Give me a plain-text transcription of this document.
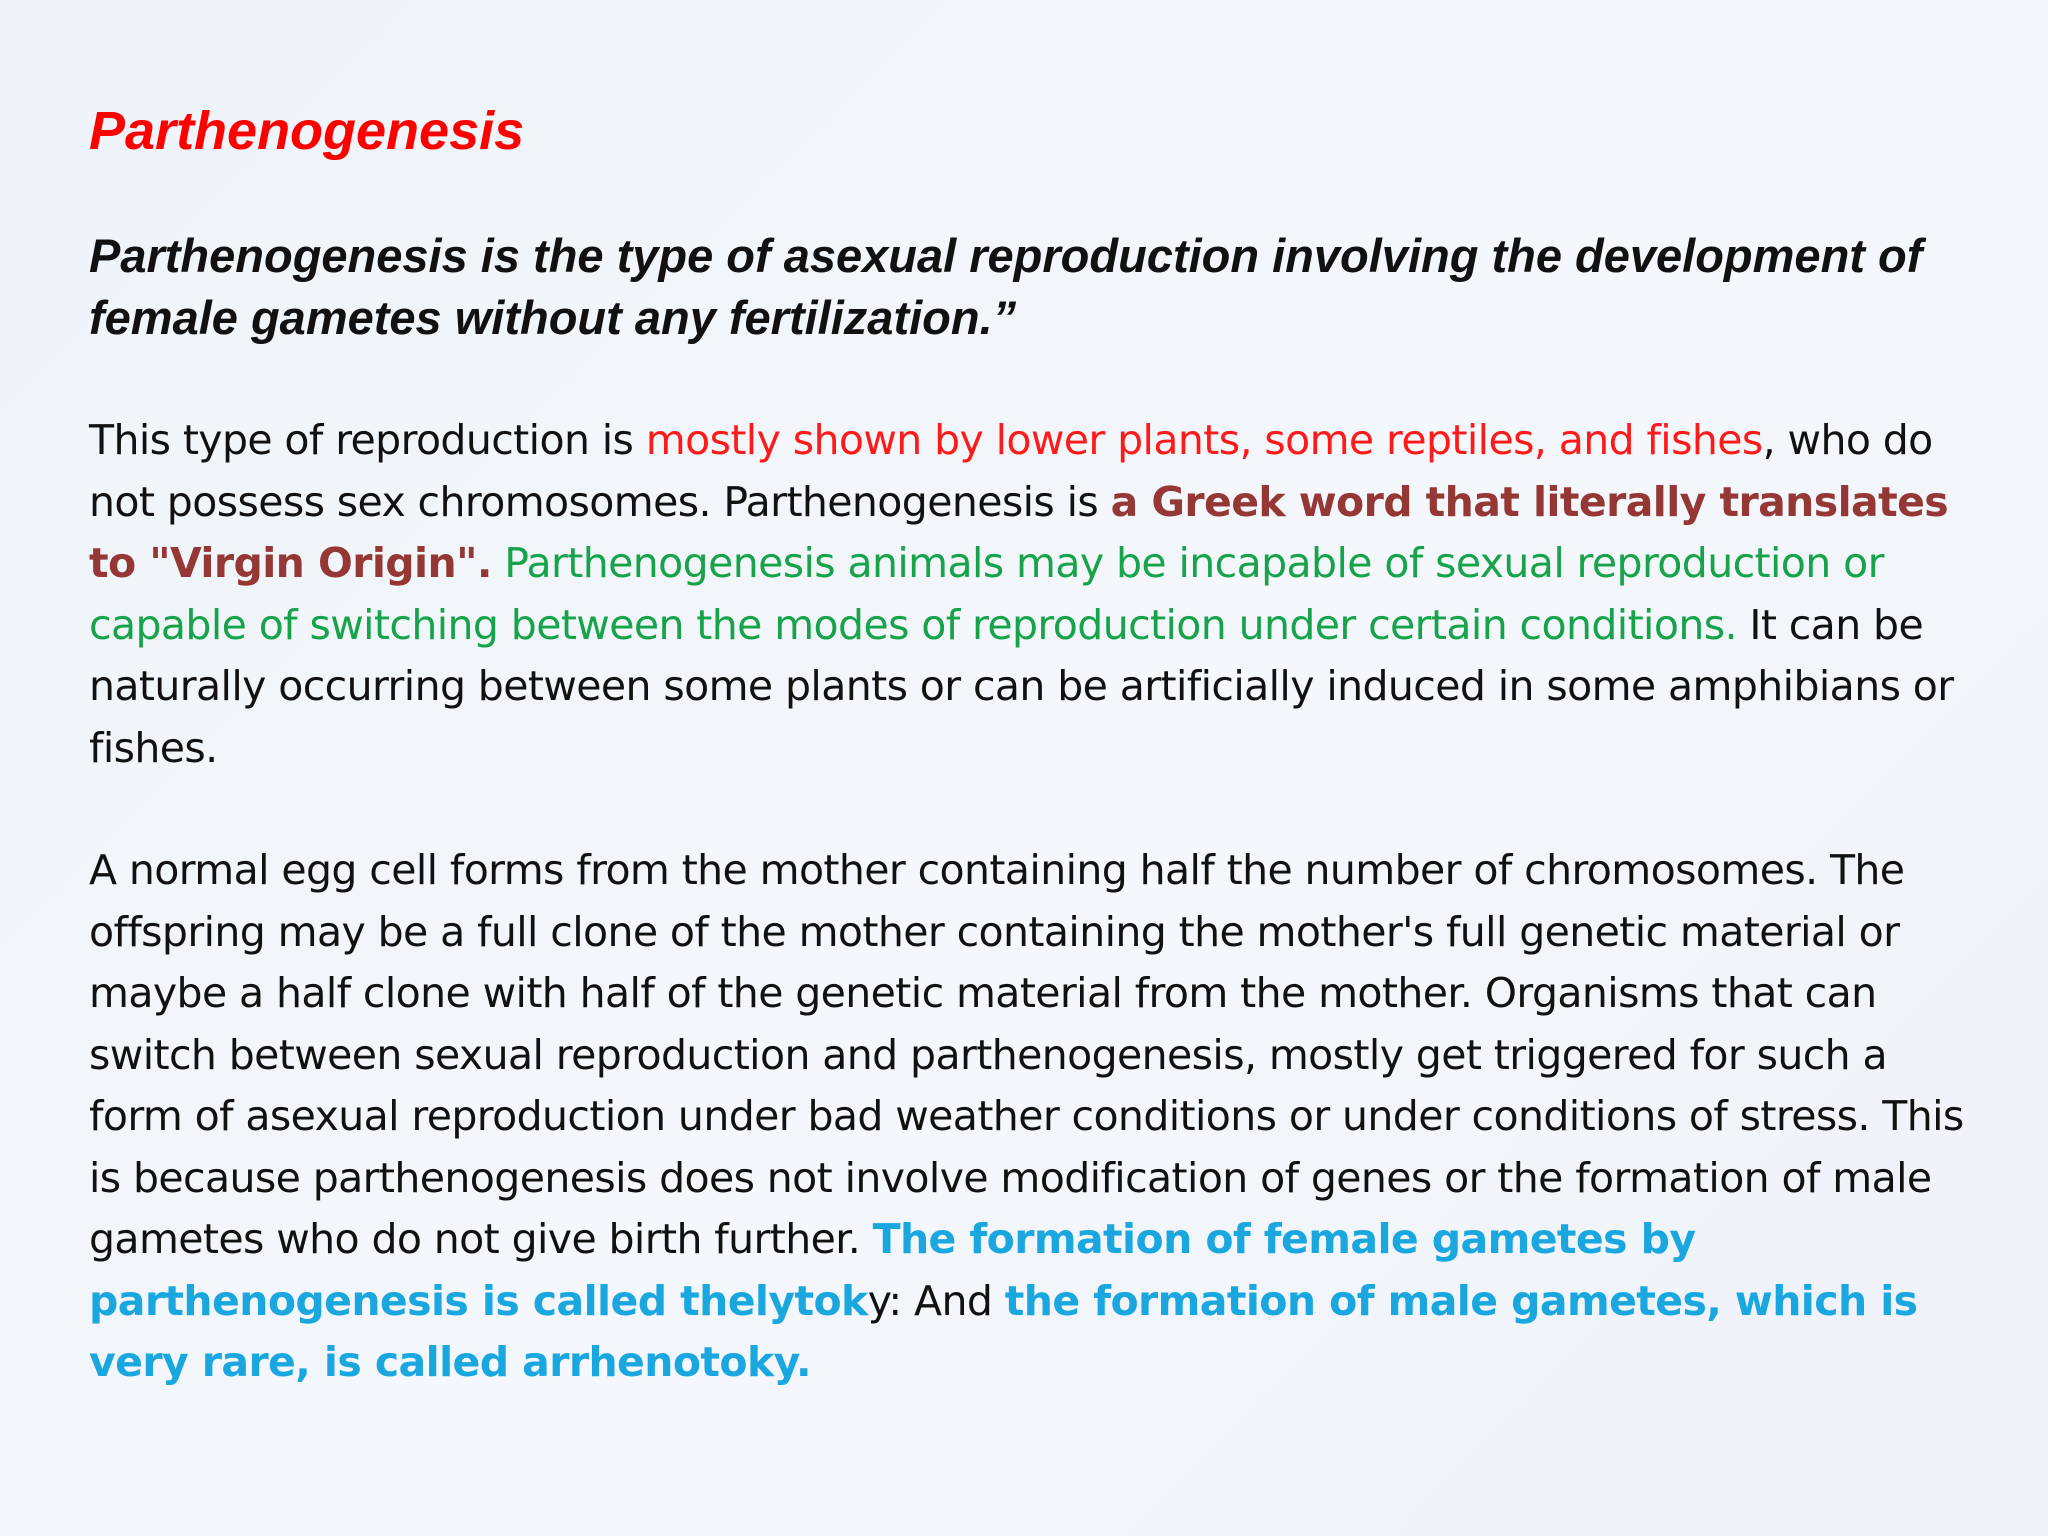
Parthenogenesis

Parthenogenesis is the type of asexual reproduction involving the development of female gametes without any fertilization.”

This type of reproduction is mostly shown by lower plants, some reptiles, and fishes, who do not possess sex chromosomes. Parthenogenesis is a Greek word that literally translates to "Virgin Origin". Parthenogenesis animals may be incapable of sexual reproduction or capable of switching between the modes of reproduction under certain conditions. It can be naturally occurring between some plants or can be artificially induced in some amphibians or fishes.

A normal egg cell forms from the mother containing half the number of chromosomes. The offspring may be a full clone of the mother containing the mother's full genetic material or maybe a half clone with half of the genetic material from the mother. Organisms that can switch between sexual reproduction and parthenogenesis, mostly get triggered for such a form of asexual reproduction under bad weather conditions or under conditions of stress. This is because parthenogenesis does not involve modification of genes or the formation of male gametes who do not give birth further. The formation of female gametes by parthenogenesis is called thelytoky: And the formation of male gametes, which is very rare, is called arrhenotoky.
